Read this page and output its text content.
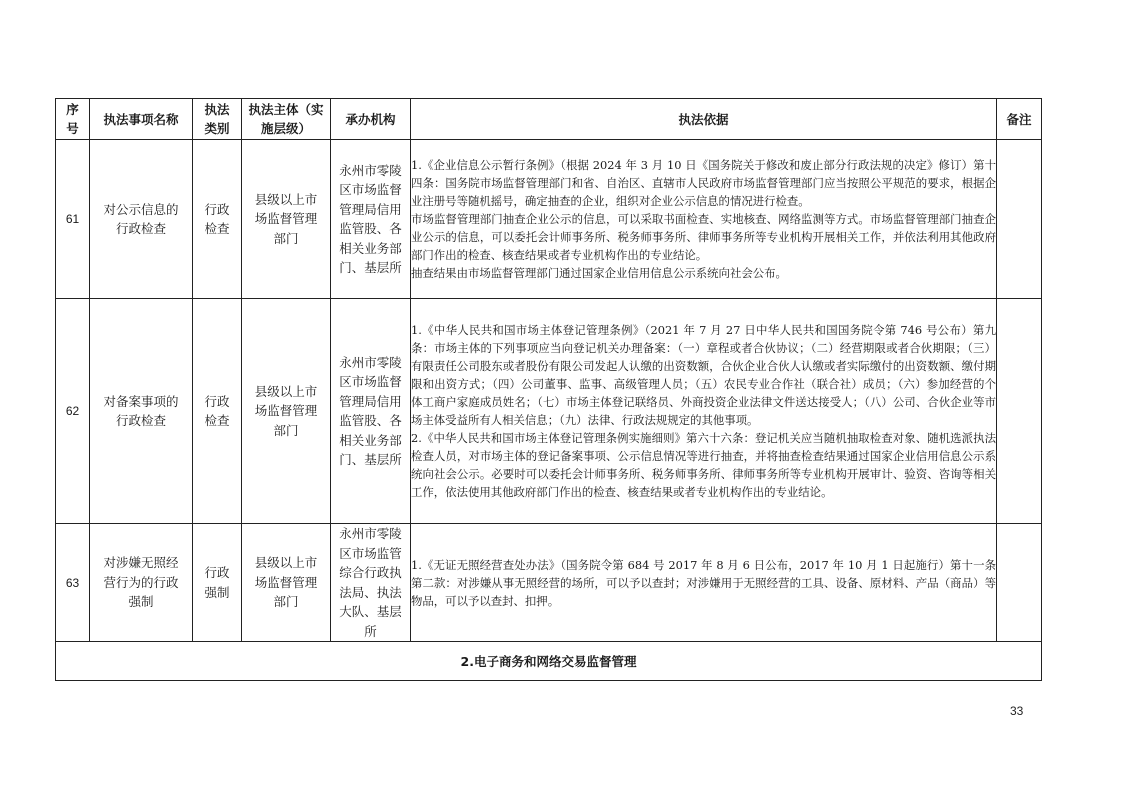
序号	执法事项名称	执法类别	执法主体（实施层级）	承办机构	执法依据	备注
61	对公示信息的行政检查	行政检查	县级以上市场监督管理部门	永州市零陵区市场监督管理局信用监管股、各相关业务部门、基层所	1.《企业信息公示暂行条例》（根据 2024 年 3 月 10 日《国务院关于修改和废止部分行政法规的决定》修订）第十四条：国务院市场监督管理部门和省、自治区、直辖市人民政府市场监督管理部门应当按照公平规范的要求，根据企业注册号等随机摇号，确定抽查的企业，组织对企业公示信息的情况进行检查。

市场监督管理部门抽查企业公示的信息，可以采取书面检查、实地核查、网络监测等方式。市场监督管理部门抽查企业公示的信息，可以委托会计师事务所、税务师事务所、律师事务所等专业机构开展相关工作，并依法利用其他政府部门作出的检查、核查结果或者专业机构作出的专业结论。

抽查结果由市场监督管理部门通过国家企业信用信息公示系统向社会公布。	

62	对备案事项的行政检查	行政检查	县级以上市场监督管理部门	永州市零陵区市场监督管理局信用监管股、各相关业务部门、基层所	1.《中华人民共和国市场主体登记管理条例》（2021 年 7 月 27 日中华人民共和国国务院令第 746 号公布）第九条：市场主体的下列事项应当向登记机关办理备案：（一）章程或者合伙协议；（二）经营期限或者合伙期限；（三）有限责任公司股东或者股份有限公司发起人认缴的出资数额，合伙企业合伙人认缴或者实际缴付的出资数额、缴付期限和出资方式；（四）公司董事、监事、高级管理人员；（五）农民专业合作社（联合社）成员；（六）参加经营的个体工商户家庭成员姓名；（七）市场主体登记联络员、外商投资企业法律文件送达接受人；（八）公司、合伙企业等市场主体受益所有人相关信息；（九）法律、行政法规规定的其他事项。

2.《中华人民共和国市场主体登记管理条例实施细则》第六十六条：登记机关应当随机抽取检查对象、随机选派执法检查人员，对市场主体的登记备案事项、公示信息情况等进行抽查，并将抽查检查结果通过国家企业信用信息公示系统向社会公示。必要时可以委托会计师事务所、税务师事务所、律师事务所等专业机构开展审计、验资、咨询等相关工作，依法使用其他政府部门作出的检查、核查结果或者专业机构作出的专业结论。	

63	对涉嫌无照经营行为的行政强制	行政强制	县级以上市场监督管理部门	永州市零陵区市场监管综合行政执法局、执法大队、基层所	1.《无证无照经营查处办法》（国务院令第 684 号 2017 年 8 月 6 日公布，2017 年 10 月 1 日起施行）第十一条第二款：对涉嫌从事无照经营的场所，可以予以查封；对涉嫌用于无照经营的工具、设备、原材料、产品（商品）等物品，可以予以查封、扣押。	

2.电子商务和网络交易监督管理						
33
